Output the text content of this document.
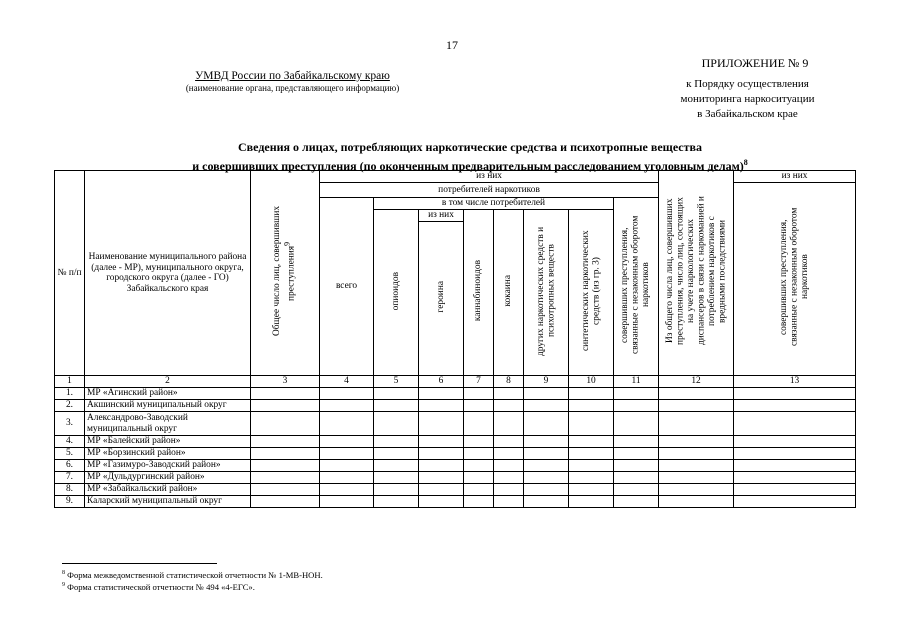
17
УМВД России по Забайкальскому краю
(наименование органа, представляющего информацию)
ПРИЛОЖЕНИЕ № 9
к Порядку осуществления
мониторинга наркоситуации
в Забайкальском крае
Сведения о лицах, потребляющих наркотические средства и психотропные вещества
и совершивших преступления (по оконченным предварительным расследованием уголовным делам)$^8$
№ п/п	Наименование муниципального района (далее - МР), муниципального округа, городского округа (далее - ГО) Забайкальского края	Общее число лиц, совершивших преступления$^9$	из них								Из общего числа лиц, совершивших преступления, число лиц, состоящих на учете наркологических диспансеров в связи с наркоманией и потреблением наркотиков с вредными последствиями	из них
			потребителей наркотиков									совершивших преступления, связанные с незаконным оборотом наркотиков
			всего	в том числе потребителей						совершивших преступления, связанные с незаконным оборотом наркотиков		
				опиоидов	из них	каннабиноидов	кокаина	других наркотических средств и психотропных веществ	синтетических наркотических средств (из гр. 3)			
					героина							
1	2	3	4	5	6	7	8	9	10	11	12	13
1.	МР «Агинский район»											
2.	Акшинский муниципальный округ											
3.	Александрово-Заводский муниципальный округ											
4.	МР «Балейский район»											
5.	МР «Борзинский район»											
6.	МР «Газимуро-Заводский район»											
7.	МР «Дульдургинский район»											
8.	МР «Забайкальский район»											
9.	Каларский муниципальный округ											
$^8$ Форма межведомственной статистической отчетности № 1-МВ-НОН.
$^9$ Форма статистической отчетности № 494 «4-ЕГС».
